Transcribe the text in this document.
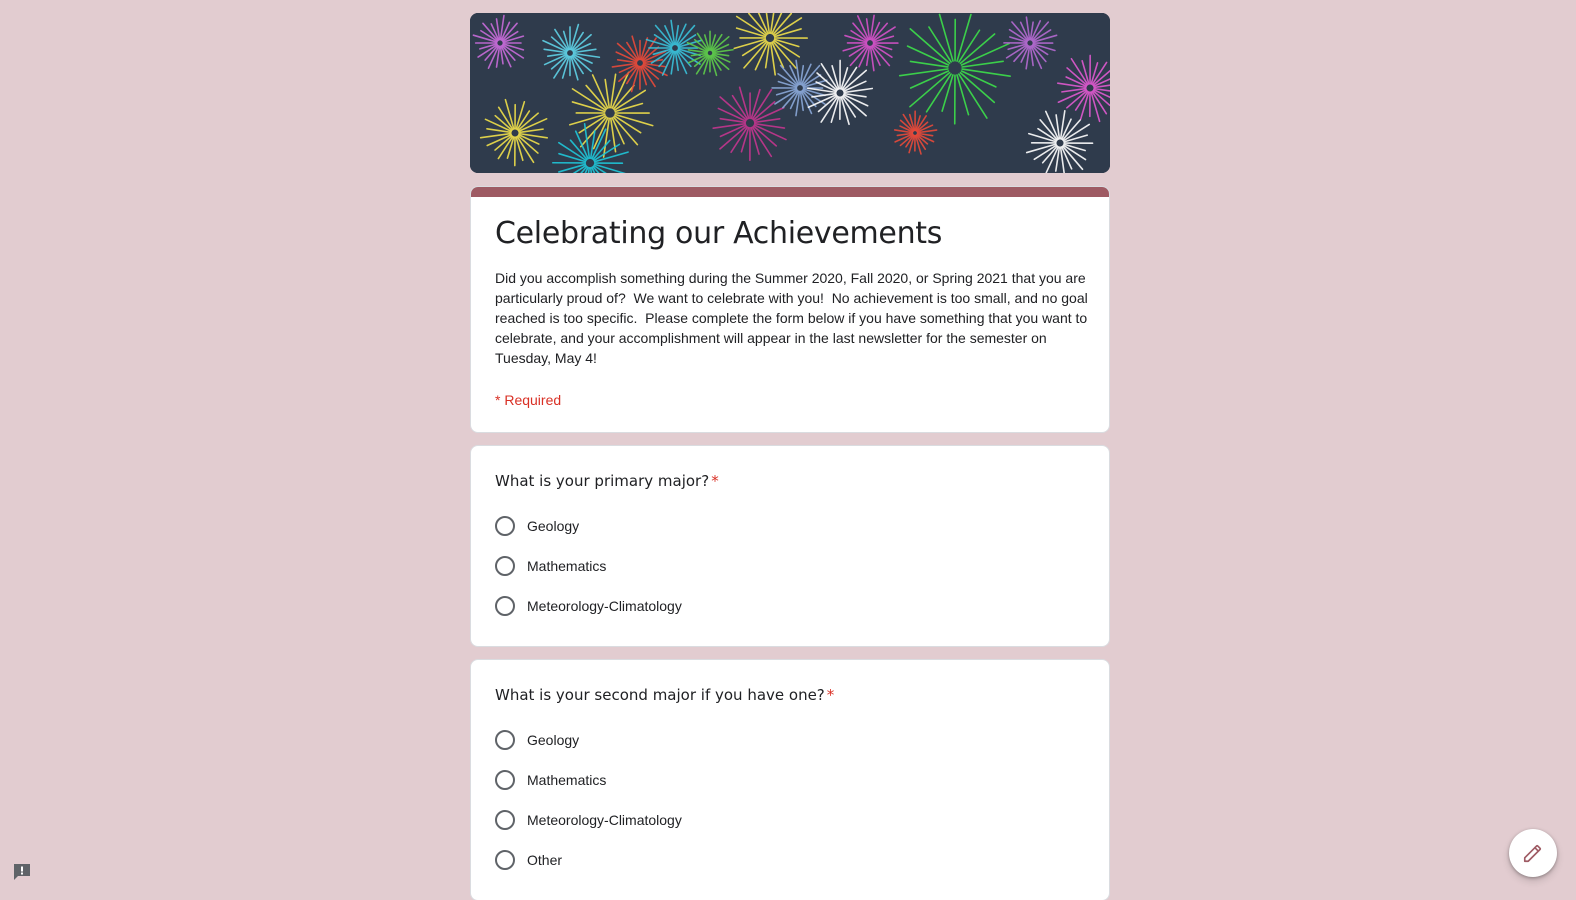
Celebrating our Achievements
Did you accomplish something during the Summer 2020, Fall 2020, or Spring 2021 that you are particularly proud of?  We want to celebrate with you!  No achievement is too small, and no goal reached is too specific.  Please complete the form below if you have something that you want to celebrate, and your accomplishment will appear in the last newsletter for the semester on Tuesday, May 4!
* Required
What is your primary major? *
Geology
Mathematics
Meteorology-Climatology
What is your second major if you have one? *
Geology
Mathematics
Meteorology-Climatology
Other
